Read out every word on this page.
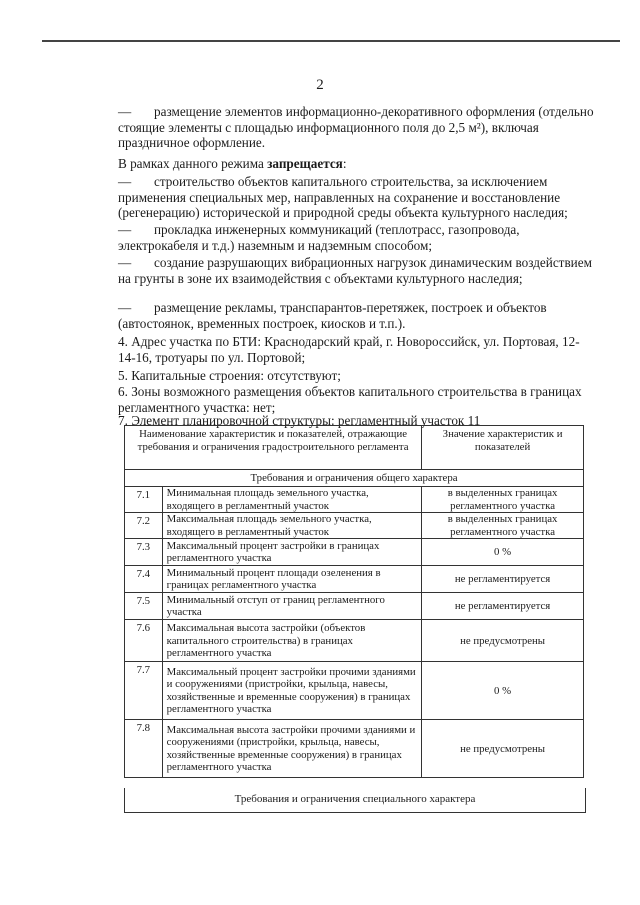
2
— размещение элементов информационно-декоративного оформления (отдельно стоящие элементы с площадью информационного поля до 2,5 м²), включая праздничное оформление.
В рамках данного режима запрещается:
— строительство объектов капитального строительства, за исключением применения специальных мер, направленных на сохранение и восстановление (регенерацию) исторической и природной среды объекта культурного наследия;
— прокладка инженерных коммуникаций (теплотрасс, газопровода, электрокабеля и т.д.) наземным и надземным способом;
— создание разрушающих вибрационных нагрузок динамическим воздействием на грунты в зоне их взаимодействия с объектами культурного наследия;
— размещение рекламы, транспарантов-перетяжек, построек и объектов (автостоянок, временных построек, киосков и т.п.).
4. Адрес участка по БТИ: Краснодарский край, г. Новороссийск, ул. Портовая, 12-14-16, тротуары по ул. Портовой;
5. Капитальные строения: отсутствуют;
6. Зоны возможного размещения объектов капитального строительства в границах регламентного участка: нет;
7. Элемент планировочной структуры: регламентный участок 11
Наименование характеристик и показателей, отражающие требования и ограничения градостроительного регламента		Значение характеристик и показателей
Требования и ограничения общего характера		
7.1	Минимальная площадь земельного участка, входящего в регламентный участок	в выделенных границах регламентного участка
7.2	Максимальная площадь земельного участка, входящего в регламентный участок	в выделенных границах регламентного участка
7.3	Максимальный процент застройки в границах регламентного участка	0 %
7.4	Минимальный процент площади озеленения в границах регламентного участка	не регламентируется
7.5	Минимальный отступ от границ регламентного участка	не регламентируется
7.6	Максимальная высота застройки (объектов капитального строительства) в границах регламентного участка	не предусмотрены
7.7	Максимальный процент застройки прочими зданиями и сооружениями (пристройки, крыльца, навесы, хозяйственные и временные сооружения) в границах регламентного участка	0 %
7.8	Максимальная высота застройки прочими зданиями и сооружениями (пристройки, крыльца, навесы, хозяйственные временные сооружения) в границах регламентного участка	не предусмотрены
Требования и ограничения специального характера
